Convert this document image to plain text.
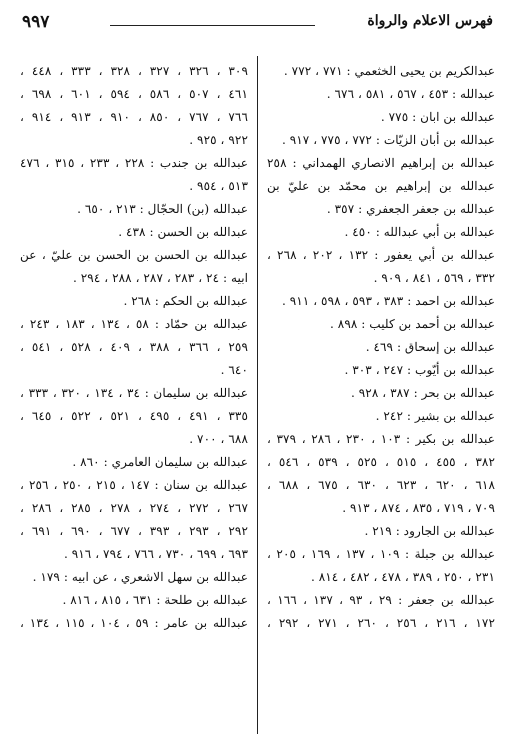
٩٩٧	فهرس الاعلام والرواة
عبدالكريم بن يحيى الخثعمي : ٧٧١ ، ٧٧٢ .
عبدالله : ٤٥٣ ، ٥٦٧ ، ٥٨١ ، ٦٧٦ .
عبدالله بن ابان : ٧٧٥ .
عبدالله بن أبان الزيّات : ٧٧٢ ، ٧٧٥ ، ٩١٧ .
عبدالله بن إبراهيم الانصاري الهمداني : ٢٥٨
عبدالله بن إبراهيم بن محمّد بن عليّ بن
عبدالله بن جعفر الجعفري : ٣٥٧ .
عبدالله بن أبي عبدالله : ٤٥٠ .
عبدالله بن أبي يعفور : ١٣٢ ، ٢٠٢ ، ٢٦٨ ،
٣٣٢ ، ٥٦٩ ، ٨٤١ ، ٩٠٩ .
عبدالله بن احمد : ٣٨٣ ، ٥٩٣ ، ٥٩٨ ، ٩١١ .
عبدالله بن أحمد بن كليب : ٨٩٨ .
عبدالله بن إسحاق : ٤٦٩ .
عبدالله بن أيّوب : ٢٤٧ ، ٣٠٣ .
عبدالله بن بحر : ٣٨٧ ، ٩٢٨ .
عبدالله بن بشير : ٢٤٢ .
عبدالله بن بكير : ١٠٣ ، ٢٣٠ ، ٢٨٦ ، ٣٧٩ ،
٣٨٢ ، ٤٥٥ ، ٥١٥ ، ٥٢٥ ، ٥٣٩ ، ٥٤٦ ،
٦١٨ ، ٦٢٠ ، ٦٢٣ ، ٦٣٠ ، ٦٧٥ ، ٦٨٨ ،
٧٠٩ ، ٧١٩ ، ٨٣٥ ، ٨٧٤ ، ٩١٣ .
عبدالله بن الجارود : ٢١٩ .
عبدالله بن جبلة : ١٠٩ ، ١٣٧ ، ١٦٩ ، ٢٠٥ ،
٢٣١ ، ٢٥٠ ، ٣٨٩ ، ٤٧٨ ، ٤٨٢ ، ٨١٤ .
عبدالله بن جعفر : ٢٩ ، ٩٣ ، ١٣٧ ، ١٦٦ ،
١٧٢ ، ٢١٦ ، ٢٥٦ ، ٢٦٠ ، ٢٧١ ، ٢٩٢ ،
٣٠٩ ، ٣٢٦ ، ٣٢٧ ، ٣٢٨ ، ٣٣٣ ، ٤٤٨ ،
٤٦١ ، ٥٠٧ ، ٥٨٦ ، ٥٩٤ ، ٦٠١ ، ٦٩٨ ،
٧٦٦ ، ٧٦٧ ، ٨٥٠ ، ٩١٠ ، ٩١٣ ، ٩١٤ ،
٩٢٢ ، ٩٢٥ .
عبدالله بن جندب : ٢٢٨ ، ٢٣٣ ، ٣١٥ ، ٤٧٦
٥١٣ ، ٩٥٤ .
عبدالله (بن) الحجّال : ٢١٣ ، ٦٥٠ .
عبدالله بن الحسن : ٤٣٨ .
عبدالله بن الحسن بن الحسن بن عليّ ، عن
ابيه : ٢٤ ، ٢٨٣ ، ٢٨٧ ، ٢٨٨ ، ٢٩٤ .
عبدالله بن الحكم : ٢٦٨ .
عبدالله بن حمّاد : ٥٨ ، ١٣٤ ، ١٨٣ ، ٢٤٣ ،
٢٥٩ ، ٣٦٦ ، ٣٨٨ ، ٤٠٩ ، ٥٢٨ ، ٥٤١ ،
٦٤٠ .
عبدالله بن سليمان : ٣٤ ، ١٣٤ ، ٣٢٠ ، ٣٣٣ ،
٣٣٥ ، ٤٩١ ، ٤٩٥ ، ٥٢١ ، ٥٢٢ ، ٦٤٥ ،
٦٨٨ ، ٧٠٠ .
عبدالله بن سليمان العامري : ٨٦٠ .
عبدالله بن سنان : ١٤٧ ، ٢١٥ ، ٢٥٠ ، ٢٥٦ ،
٢٦٧ ، ٢٧٢ ، ٢٧٤ ، ٢٧٨ ، ٢٨٥ ، ٢٨٦ ،
٢٩٢ ، ٢٩٣ ، ٣٩٣ ، ٦٧٧ ، ٦٩٠ ، ٦٩١ ،
٦٩٣ ، ٦٩٩ ، ٧٣٠ ، ٧٦٦ ، ٧٩٤ ، ٩١٦ .
عبدالله بن سهل الاشعري ، عن ابيه : ١٧٩ .
عبدالله بن طلحة : ٦٣١ ، ٨١٥ ، ٨١٦ .
عبدالله بن عامر : ٥٩ ، ١٠٤ ، ١١٥ ، ١٣٤ ،
